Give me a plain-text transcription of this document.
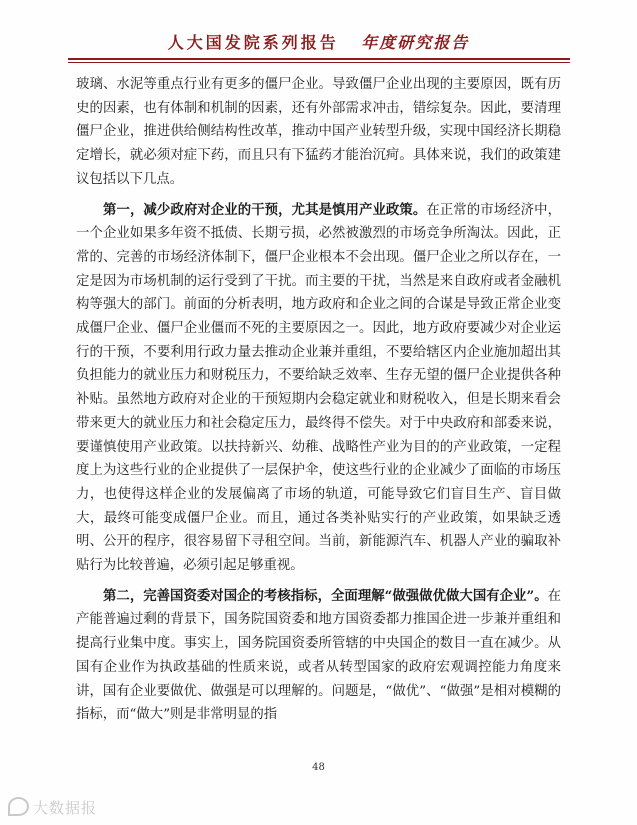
人大国发院系列报告 年度研究报告

玻璃、水泥等重点行业有更多的僵尸企业。导致僵尸企业出现的主要原因，既有历史的因素，也有体制和机制的因素，还有外部需求冲击，错综复杂。因此，要清理僵尸企业，推进供给侧结构性改革，推动中国产业转型升级，实现中国经济长期稳定增长，就必须对症下药，而且只有下猛药才能治沉疴。具体来说，我们的政策建议包括以下几点。

第一，减少政府对企业的干预，尤其是慎用产业政策。在正常的市场经济中，一个企业如果多年资不抵债、长期亏损，必然被激烈的市场竞争所淘汰。因此，正常的、完善的市场经济体制下，僵尸企业根本不会出现。僵尸企业之所以存在，一定是因为市场机制的运行受到了干扰。而主要的干扰，当然是来自政府或者金融机构等强大的部门。前面的分析表明，地方政府和企业之间的合谋是导致正常企业变成僵尸企业、僵尸企业僵而不死的主要原因之一。因此，地方政府要减少对企业运行的干预，不要利用行政力量去推动企业兼并重组，不要给辖区内企业施加超出其负担能力的就业压力和财税压力，不要给缺乏效率、生存无望的僵尸企业提供各种补贴。虽然地方政府对企业的干预短期内会稳定就业和财税收入，但是长期来看会带来更大的就业压力和社会稳定压力，最终得不偿失。对于中央政府和部委来说，要谨慎使用产业政策。以扶持新兴、幼稚、战略性产业为目的的产业政策，一定程度上为这些行业的企业提供了一层保护伞，使这些行业的企业减少了面临的市场压力，也使得这样企业的发展偏离了市场的轨道，可能导致它们盲目生产、盲目做大，最终可能变成僵尸企业。而且，通过各类补贴实行的产业政策，如果缺乏透明、公开的程序，很容易留下寻租空间。当前，新能源汽车、机器人产业的骗取补贴行为比较普遍，必须引起足够重视。

第二，完善国资委对国企的考核指标，全面理解“做强做优做大国有企业”。在产能普遍过剩的背景下，国务院国资委和地方国资委都力推国企进一步兼并重组和提高行业集中度。事实上，国务院国资委所管辖的中央国企的数目一直在减少。从国有企业作为执政基础的性质来说，或者从转型国家的政府宏观调控能力角度来讲，国有企业要做优、做强是可以理解的。问题是，“做优”、“做强”是相对模糊的指标，而“做大”则是非常明显的指

48
大数据报
